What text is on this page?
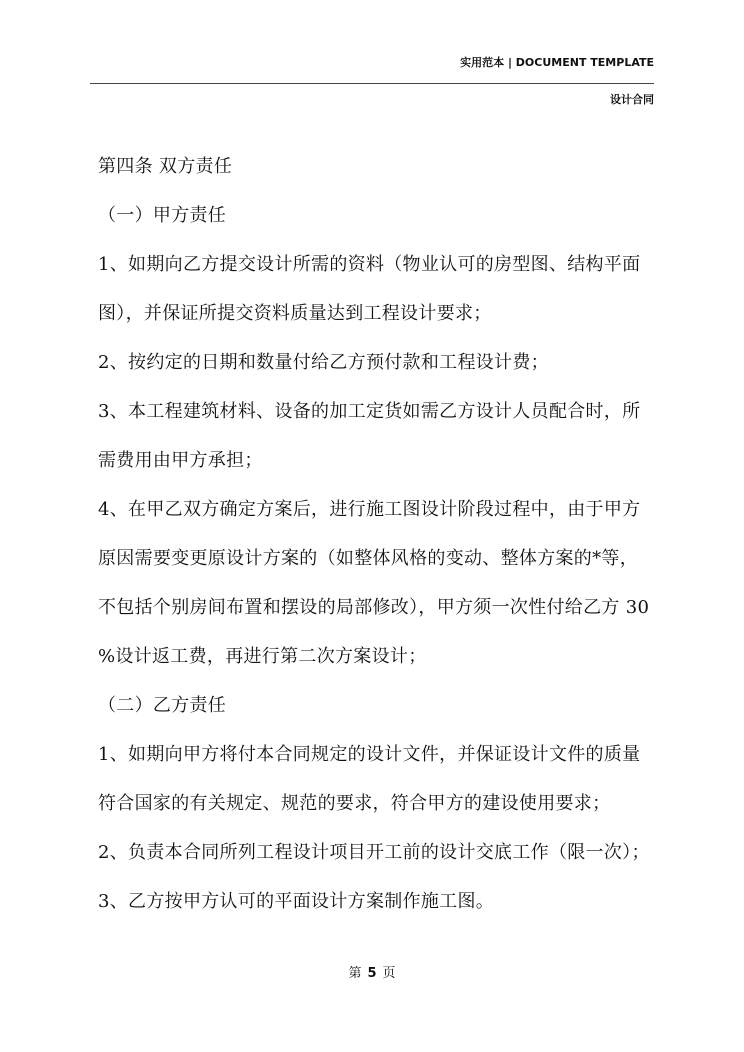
实用范本 | DOCUMENT TEMPLATE
设计合同

第四条 双方责任

（一）甲方责任

1、如期向乙方提交设计所需的资料（物业认可的房型图、结构平面

图），并保证所提交资料质量达到工程设计要求；

2、按约定的日期和数量付给乙方预付款和工程设计费；

3、本工程建筑材料、设备的加工定货如需乙方设计人员配合时，所

需费用由甲方承担；

4、在甲乙双方确定方案后，进行施工图设计阶段过程中，由于甲方

原因需要变更原设计方案的（如整体风格的变动、整体方案的*等，

不包括个别房间布置和摆设的局部修改），甲方须一次性付给乙方 30

%设计返工费，再进行第二次方案设计；

（二）乙方责任

1、如期向甲方将付本合同规定的设计文件，并保证设计文件的质量

符合国家的有关规定、规范的要求，符合甲方的建设使用要求；

2、负责本合同所列工程设计项目开工前的设计交底工作（限一次）；

3、乙方按甲方认可的平面设计方案制作施工图。

第 5 页
